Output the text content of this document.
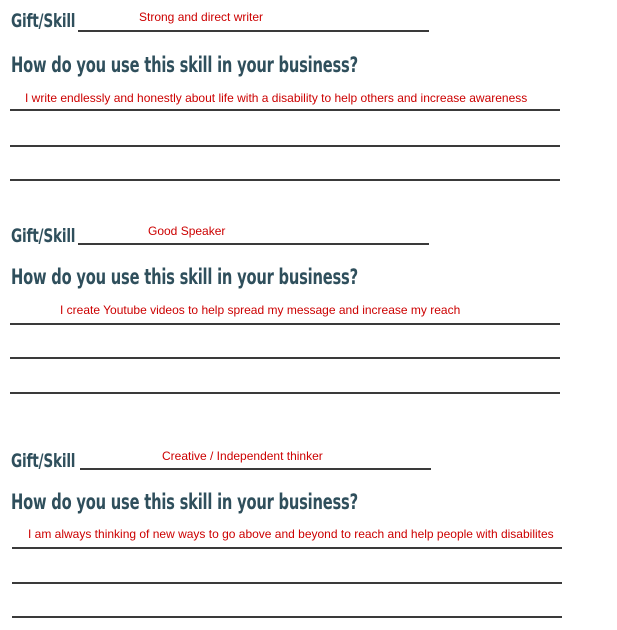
Gift/Skill	Strong and direct writer
How do you use this skill in your business?
I write endlessly and honestly about life with a disability to help others and increase awareness
Gift/Skill	Good Speaker
How do you use this skill in your business?
I create Youtube videos to help spread my message and increase my reach
Gift/Skill	Creative / Independent thinker
How do you use this skill in your business?
I am always thinking of new ways to go above and beyond to reach and help people with disabilites
